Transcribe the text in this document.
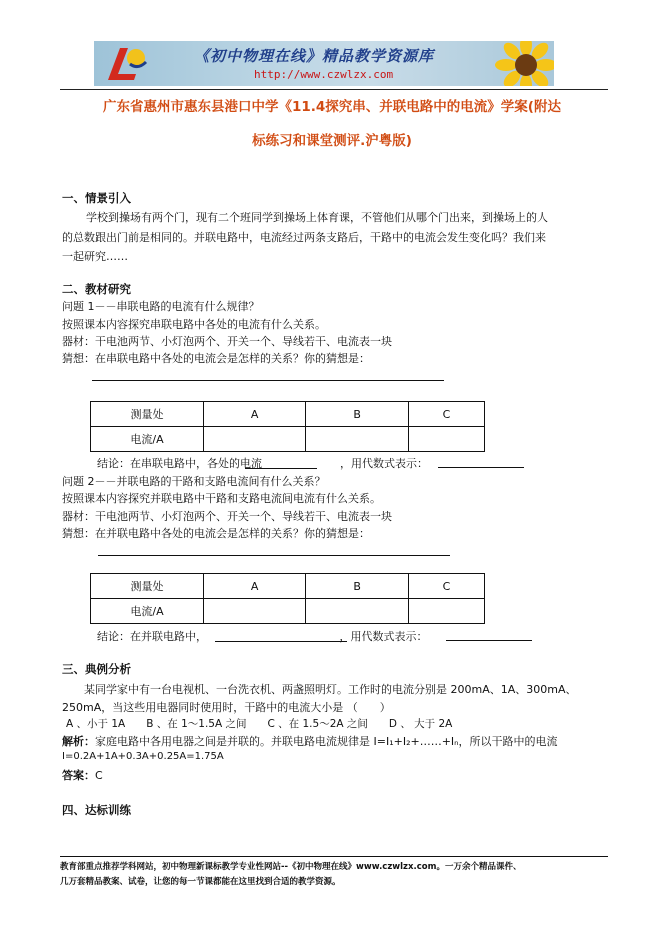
《初中物理在线》精品教学资源库
http://www.czwlzx.com
广东省惠州市惠东县港口中学《11.4探究串、并联电路中的电流》学案(附达
标练习和课堂测评.沪粤版)
一、情景引入
学校到操场有两个门，现有二个班同学到操场上体育课，不管他们从哪个门出来，到操场上的人
的总数跟出门前是相同的。并联电路中，电流经过两条支路后，干路中的电流会发生变化吗？我们来
一起研究……
二、教材研究
问题 1－－串联电路的电流有什么规律？
按照课本内容探究串联电路中各处的电流有什么关系。
器材：干电池两节、小灯泡两个、开关一个、导线若干、电流表一块
猜想：在串联电路中各处的电流会是怎样的关系？你的猜想是：
测量处	A	B	C
电流/A			
结论：在串联电路中，各处的电流	，用代数式表示：
问题 2－－并联电路的干路和支路电流间有什么关系？
按照课本内容探究并联电路中干路和支路电流间电流有什么关系。
器材：干电池两节、小灯泡两个、开关一个、导线若干、电流表一块
猜想：在并联电路中各处的电流会是怎样的关系？你的猜想是：
测量处	A	B	C
电流/A			
结论：在并联电路中，	，用代数式表示：
三、典例分析
某同学家中有一台电视机、一台洗衣机、两盏照明灯。工作时的电流分别是 200mA、1A、300mA、
250mA，当这些用电器同时使用时，干路中的电流大小是 （　　）
A 、小于 1A　　B 、在 1～1.5A 之间　　C 、在 1.5～2A 之间　　D 、 大于 2A
解析：家庭电路中各用电器之间是并联的。并联电路电流规律是 I=I₁+I₂+……+Iₙ，所以干路中的电流
I=0.2A+1A+0.3A+0.25A=1.75A
答案：C
四、达标训练
教育部重点推荐学科网站，初中物理新课标教学专业性网站--《初中物理在线》www.czwlzx.com。一万余个精品课件、
几万套精品教案、试卷，让您的每一节课都能在这里找到合适的教学资源。
